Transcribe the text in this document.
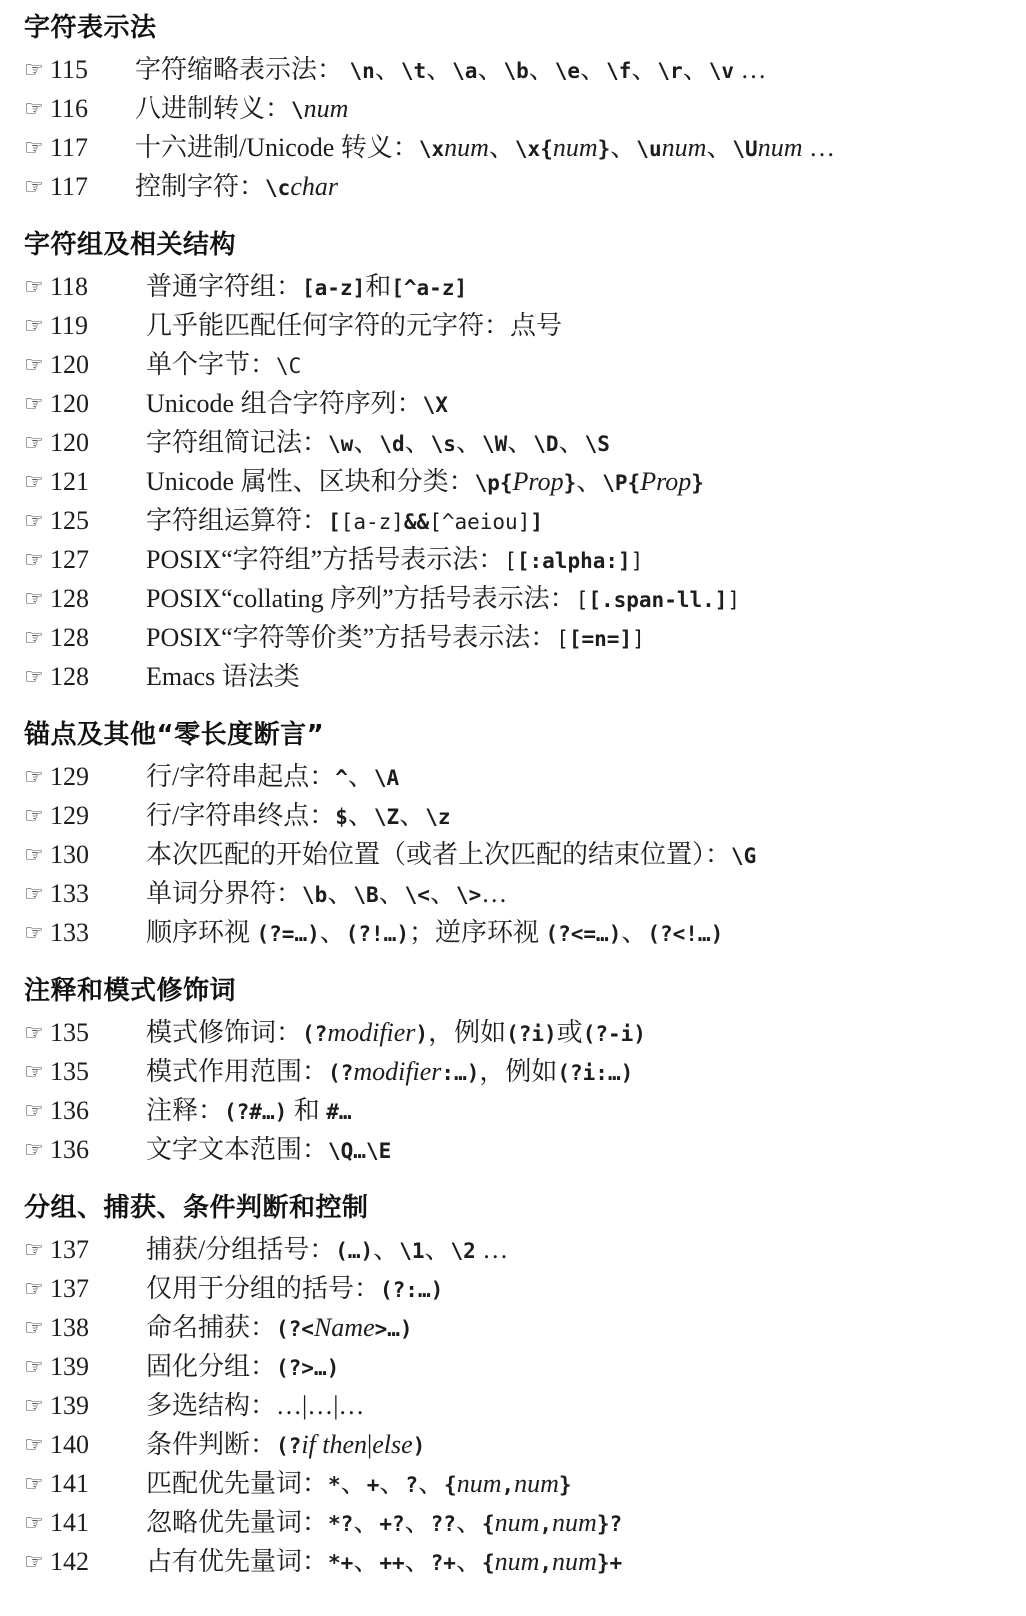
字符表示法
☞ 115 字符缩略表示法： \n、\t、\a、\b、\e、\f、\r、\v …
☞ 116 八进制转义：\num
☞ 117 十六进制/Unicode 转义：\xnum、\x{num}、\unum、\Unum …
☞ 117 控制字符：\cchar
字符组及相关结构
☞ 118 普通字符组：[a-z]和[^a-z]
☞ 119 几乎能匹配任何字符的元字符：点号
☞ 120 单个字节：\C
☞ 120 Unicode 组合字符序列：\X
☞ 120 字符组简记法：\w、\d、\s、\W、\D、\S
☞ 121 Unicode 属性、区块和分类：\p{Prop}、\P{Prop}
☞ 125 字符组运算符：[[a-z]&&[^aeiou]]
☞ 127 POSIX“字符组”方括号表示法：[[:alpha:]]
☞ 128 POSIX“collating 序列”方括号表示法：[[.span-ll.]]
☞ 128 POSIX“字符等价类”方括号表示法：[[=n=]]
☞ 128 Emacs 语法类
锚点及其他“零长度断言”
☞ 129 行/字符串起点：^、\A
☞ 129 行/字符串终点：$、\Z、\z
☞ 130 本次匹配的开始位置（或者上次匹配的结束位置）：\G
☞ 133 单词分界符：\b、\B、\<、\>…
☞ 133 顺序环视 (?=…)、(?!…)；逆序环视 (?<=…)、(?<!…)
注释和模式修饰词
☞ 135 模式修饰词：(?modifier)，例如(?i)或(?-i)
☞ 135 模式作用范围：(?modifier:…)，例如(?i:…)
☞ 136 注释：(?#…) 和 #…
☞ 136 文字文本范围：\Q…\E
分组、捕获、条件判断和控制
☞ 137 捕获/分组括号：(…)、\1、\2 …
☞ 137 仅用于分组的括号：(?:…)
☞ 138 命名捕获：(?<Name>…)
☞ 139 固化分组：(?>…)
☞ 139 多选结构：…|…|…
☞ 140 条件判断：(?if then|else)
☞ 141 匹配优先量词：*、+、?、{num,num}
☞ 141 忽略优先量词：*?、+?、??、{num,num}?
☞ 142 占有优先量词：*+、++、?+、{num,num}+
